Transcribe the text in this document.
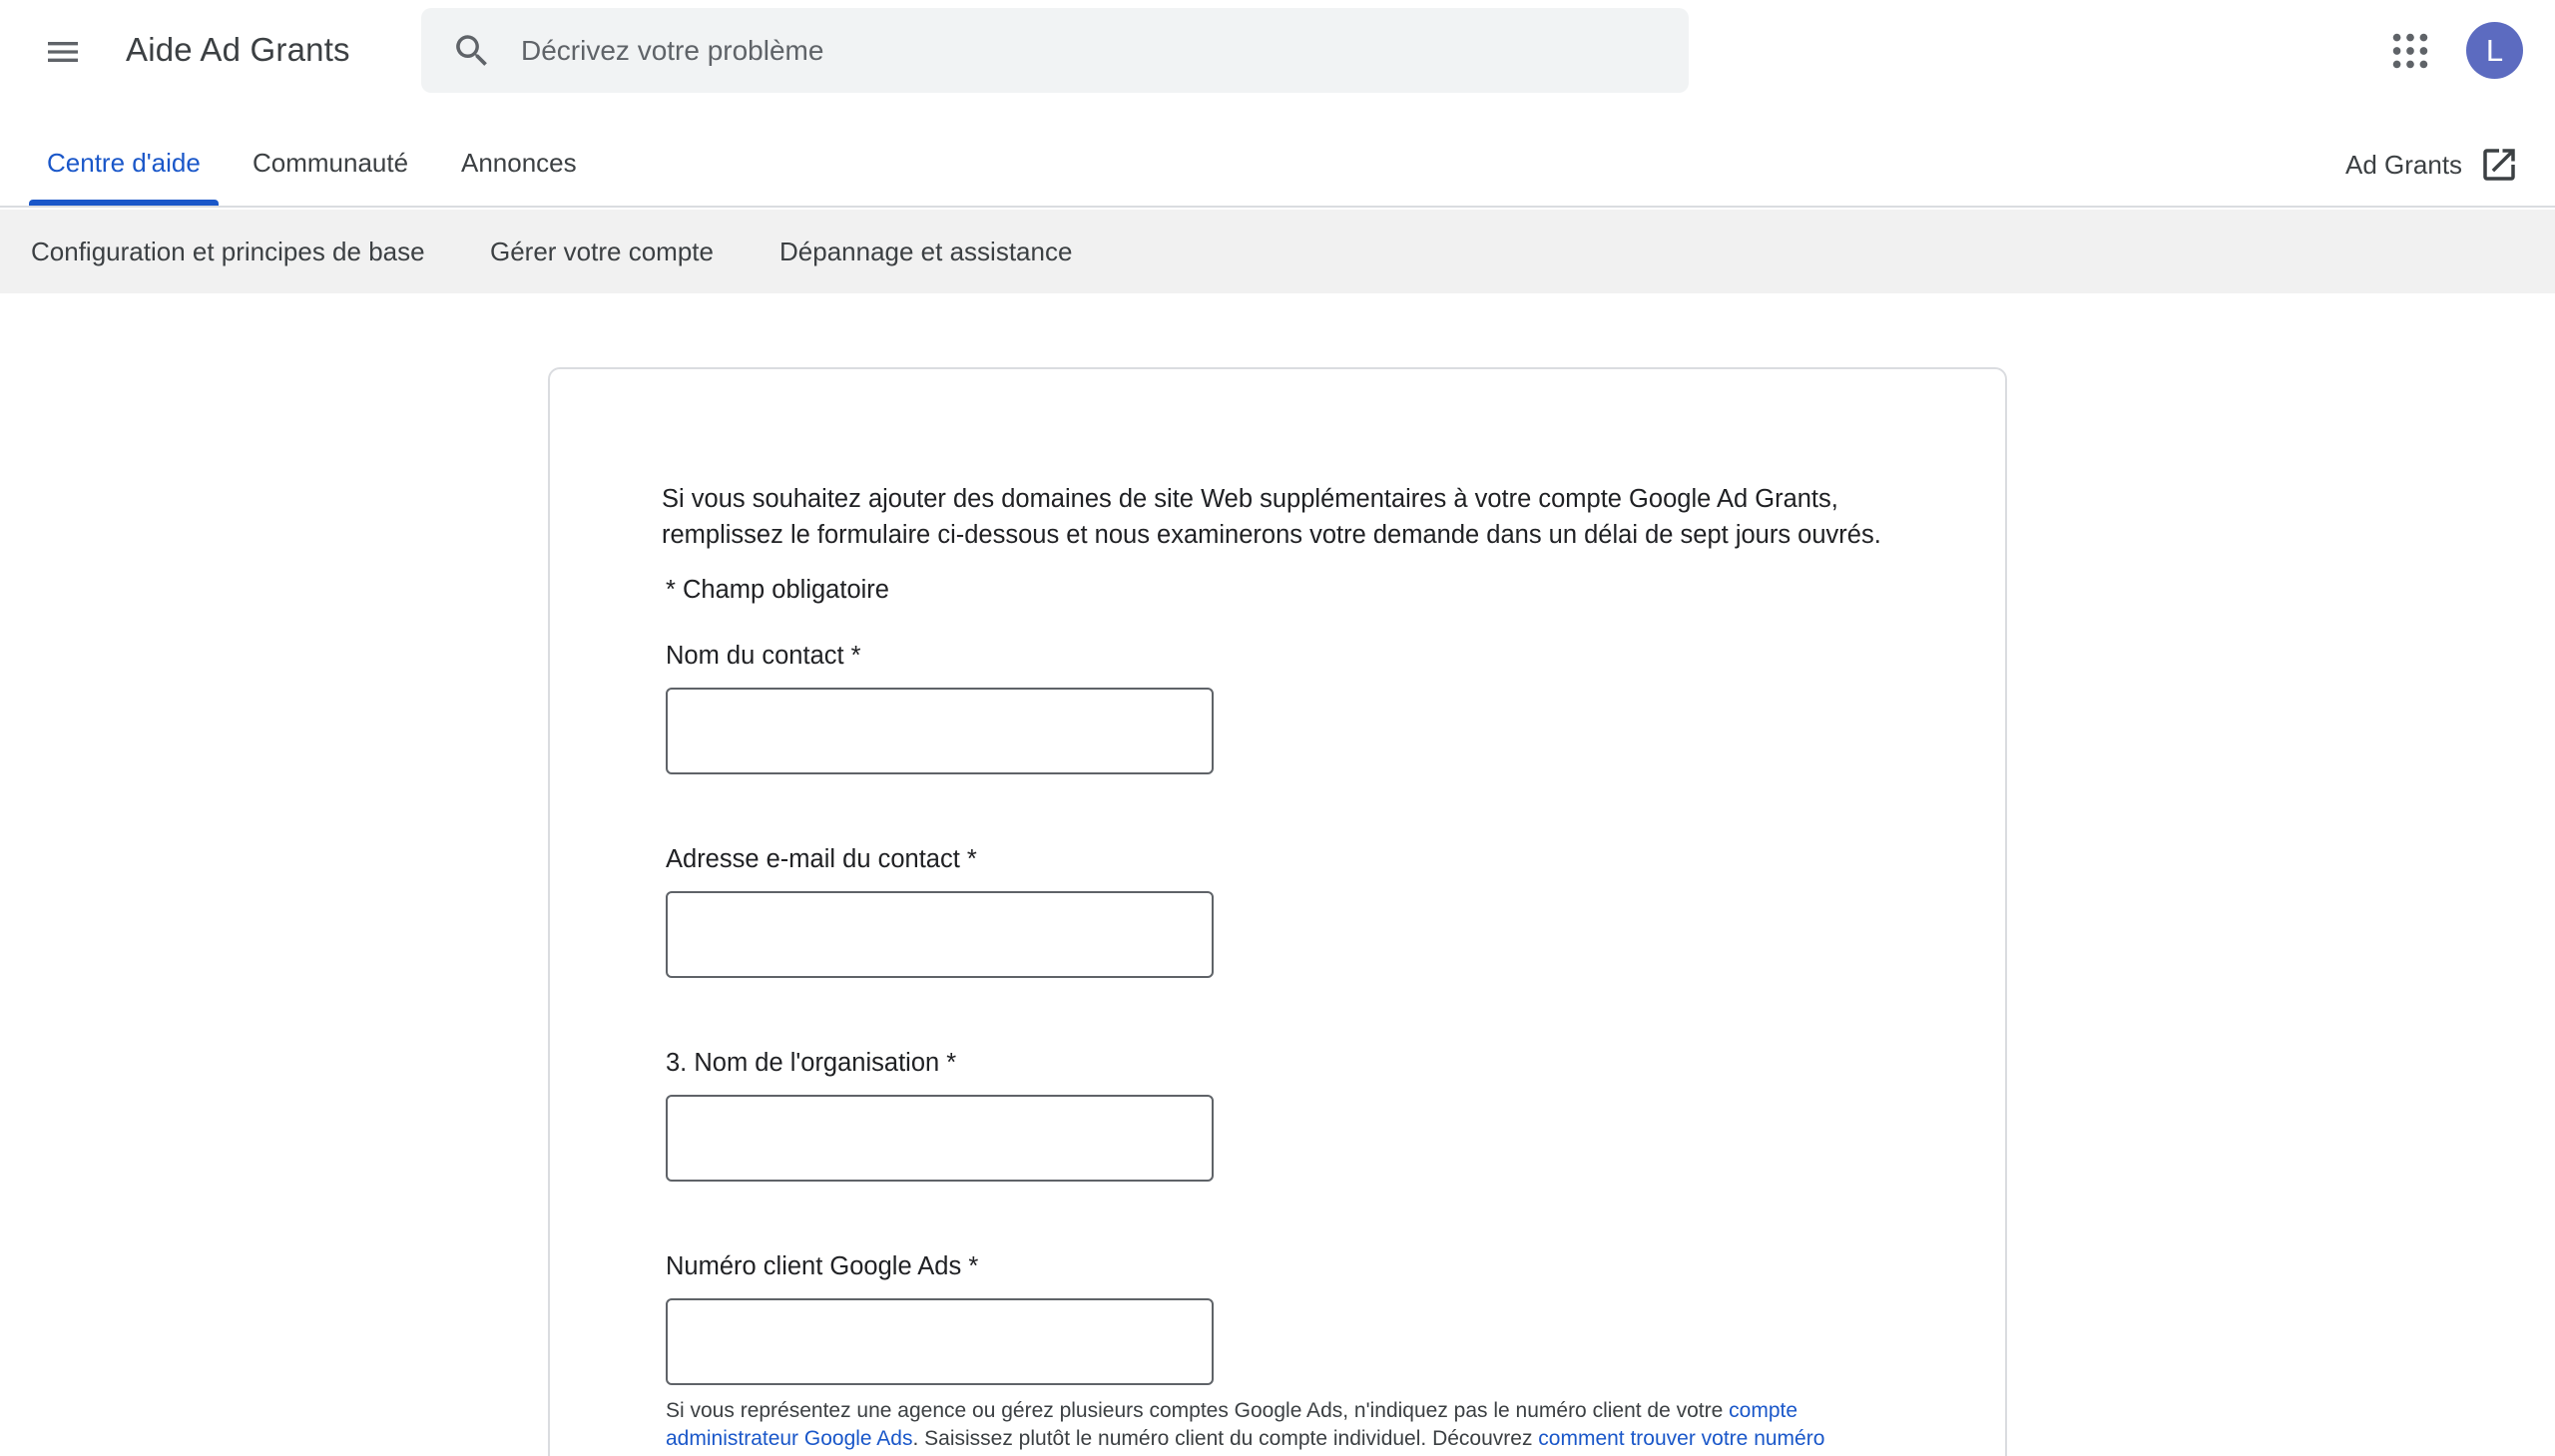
Aide Ad Grants
Décrivez votre problème	L
Centre d'aide Communauté Annonces	Ad Grants
Configuration et principes de base	Gérer votre compte	Dépannage et assistance

Si vous souhaitez ajouter des domaines de site Web supplémentaires à votre compte Google Ad Grants, remplissez le formulaire ci-dessous et nous examinerons votre demande dans un délai de sept jours ouvrés.

* Champ obligatoire
Nom du contact *
Adresse e-mail du contact *
3. Nom de l'organisation *
Numéro client Google Ads *

Si vous représentez une agence ou gérez plusieurs comptes Google Ads, n'indiquez pas le numéro client de votre compte administrateur Google Ads. Saisissez plutôt le numéro client du compte individuel. Découvrez comment trouver votre numéro
